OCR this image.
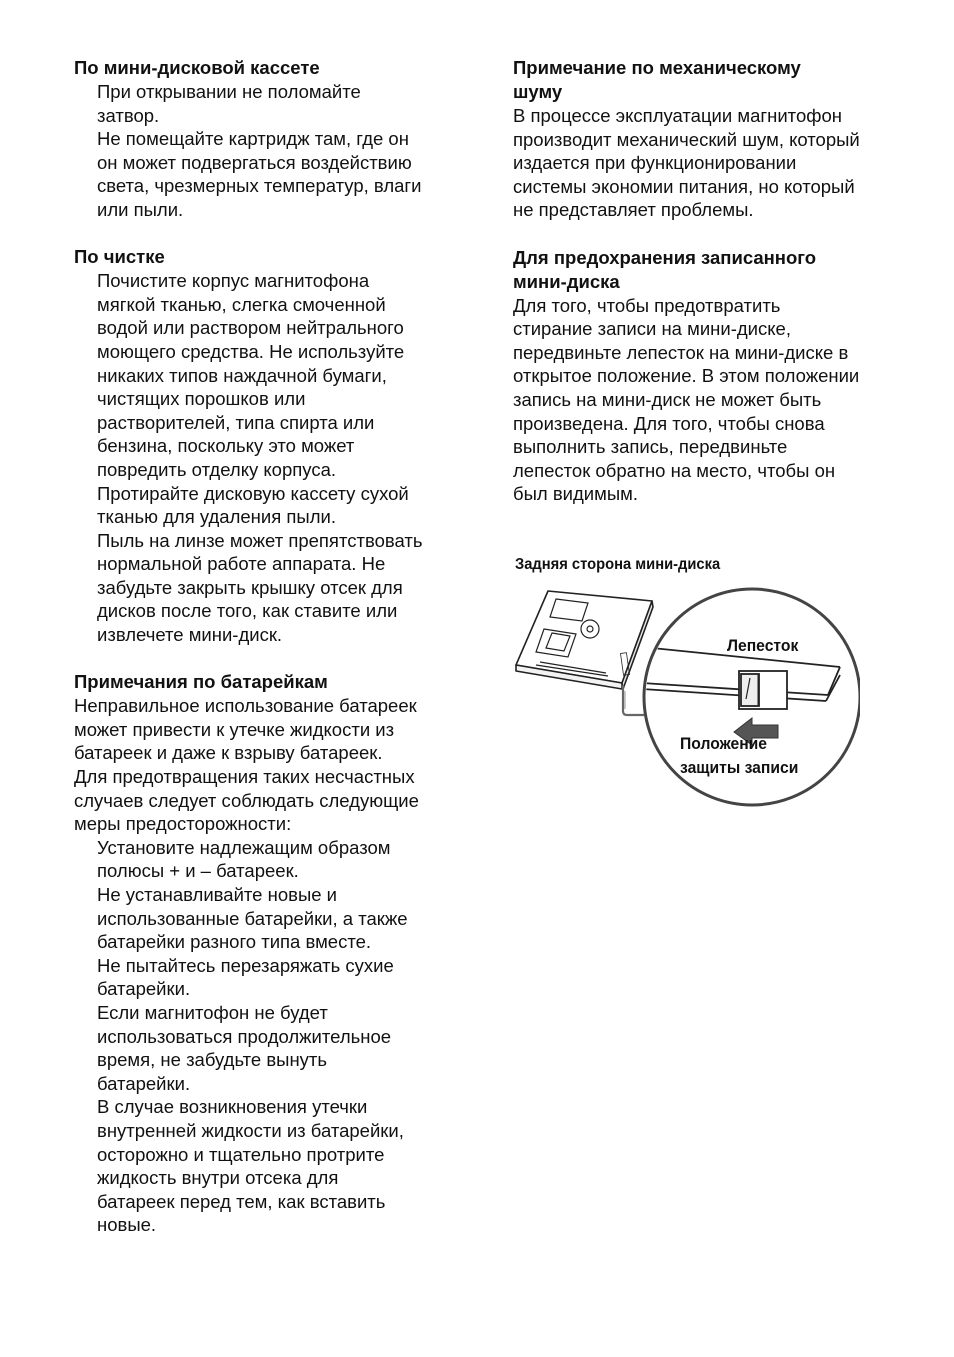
По мини-дисковой кассете

При открывании не поломайте

затвор.

Не помещайте картридж там, где он

он может подвергаться воздействию

света, чрезмерных температур, влаги

или пыли.

По чистке

Почистите корпус магнитофона

мягкой тканью, слегка смоченной

водой или раствором нейтрального

моющего средства. Не используйте

никаких типов наждачной бумаги,

чистящих порошков или

растворителей, типа спирта или

бензина, поскольку это может

повредить отделку корпуса.

Протирайте дисковую кассету сухой

тканью для удаления пыли.

Пыль на линзе может препятствовать

нормальной работе аппарата. Не

забудьте закрыть крышку отсек для

дисков после того, как ставите или

извлечете мини-диск.

Примечания по батарейкам

Неправильное использование батареек

может привести к утечке жидкости из

батареек и даже к взрыву батареек.

Для предотвращения таких несчастных

случаев следует соблюдать следующие

меры предосторожности:

Установите надлежащим образом

полюсы + и – батареек.

Не устанавливайте новые и

использованные батарейки, а также

батарейки разного типа вместе.

Не пытайтесь перезаряжать сухие

батарейки.

Если магнитофон не будет

использоваться продолжительное

время, не забудьте вынуть

батарейки.

В случае возникновения утечки

внутренней жидкости из батарейки,

осторожно и тщательно протрите

жидкость внутри отсека для

батареек перед тем, как вставить

новые.

Примечание по механическому

шуму

В процессе эксплуатации магнитофон

производит механический шум, который

издается при функционировании

системы экономии питания, но который

не представляет проблемы.

Для предохранения записанного

мини-диска

Для того, чтобы предотвратить

стирание записи на мини-диске,

передвиньте лепесток на мини-диске в

открытое положение. В этом положении

запись на мини-диск не может быть

произведена. Для того, чтобы снова

выполнить запись, передвиньте

лепесток обратно на место, чтобы он

был видимым.

Задняя сторона мини-диска
Лепесток
Положение
защиты записи
